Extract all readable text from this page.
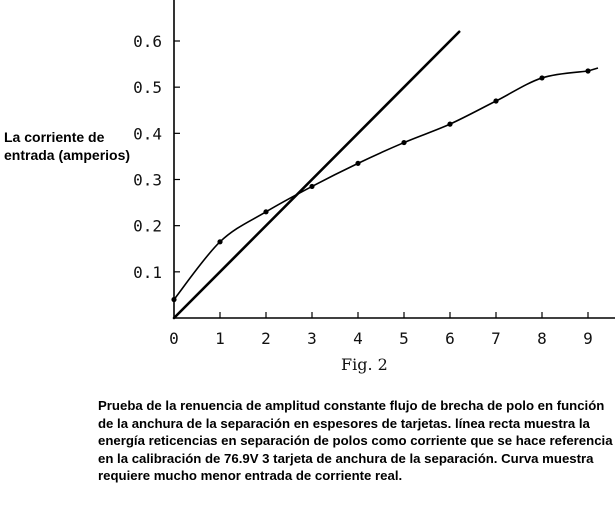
0 1 2 3 4 5 6 7 8 9
0.1
0.2
0.3
0.4
0.5
0.6
Fig. 2
La corriente de entrada (amperios)
Prueba de la renuencia de amplitud constante flujo de brecha de polo en función de la anchura de la separación en espesores de tarjetas. línea recta muestra la energía reticencias en separación de polos como corriente que se hace referencia en la calibración de 76.9V 3 tarjeta de anchura de la separación. Curva muestra requiere mucho menor entrada de corriente real.
